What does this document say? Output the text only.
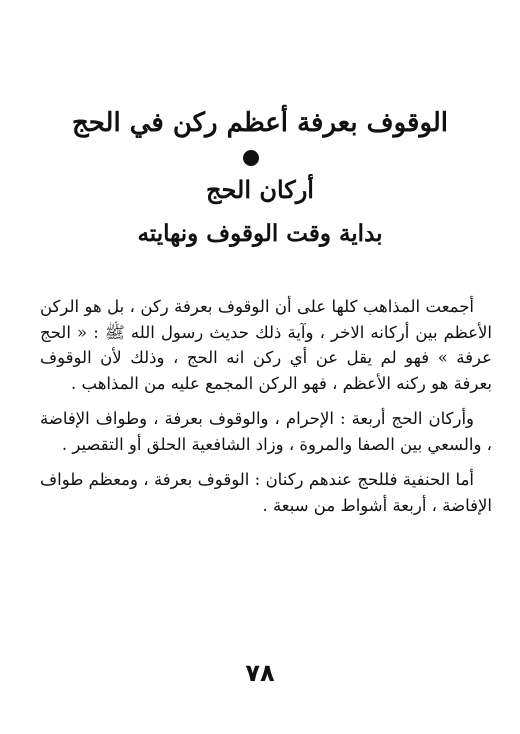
الوقوف بعرفة أعظم ركن في الحج
أركان الحج
بداية وقت الوقوف ونهايته

أجمعت المذاهب كلها على أن الوقوف بعرفة ركن ، بل هو الركن الأعظم بين أركانه الاخر ، وآية ذلك حديث رسول الله ﷺ : « الحج عرفة » فهو لم يقل عن أي ركن انه الحج ، وذلك لأن الوقوف بعرفة هو ركنه الأعظم ، فهو الركن المجمع عليه من المذاهب .

وأركان الحج أربعة : الإحرام ، والوقوف بعرفة ، وطواف الإفاضة ، والسعي بين الصفا والمروة ، وزاد الشافعية الحلق أو التقصير .

أما الحنفية فللحج عندهم ركنان : الوقوف بعرفة ، ومعظم طواف الإفاضة ، أربعة أشواط من سبعة .

٧٨
